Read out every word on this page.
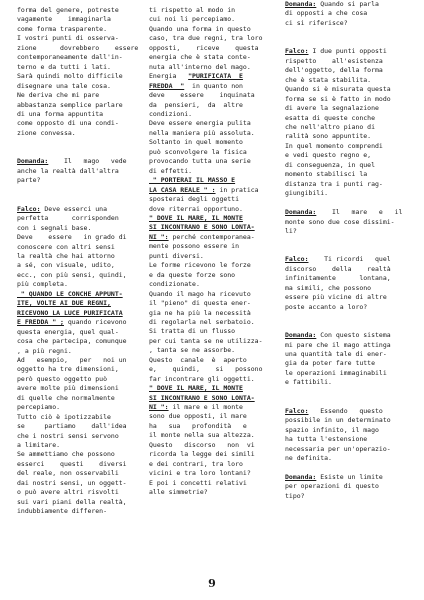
forma del genere, potreste

vagamente    immaginarla

come forma trasparente.

I vostri punti di osserva-

zione      dovrebbero    essere

contemporaneamente dall'in-

terno e da tutti i lati.

Sarà quindi molto difficile

disegnare una tale cosa.

Ne deriva che mi pare

abbastanza semplice parlare

di una forma appuntita

come opposto di una condi-

zione convessa.

Domanda:    Il   mago   vede

anche la realtà dall'altra

parte?

Falco: Deve esserci una

perfetta      corrisponden

con i segnali base.

Deve    essere   in grado di

conoscere con altri sensi

la realtà che hai attorno

a sé, con visuale, udito,

ecc., con più sensi, quindi,

più completa.

" QUANDO LE CONCHE APPUNT-

ITE, VOLTE AI DUE REGNI,

RICEVONO LA LUCE PURIFICATA

E FREDDA " ; quando ricevono

questa energia, quel qual-

cosa che partecipa, comunque

, a più regni.

Ad   esempio,   per   noi un

oggetto ha tre dimensioni,

però questo oggetto può

avere molte più dimensioni

di quelle che normalmente

percepiamo.

Tutto ciò è ipotizzabile

se     partiamo    dall'idea

che i nostri sensi servono

a limitare.

Se ammettiamo che possono

esserci    questi    diversi

del reale, non osservabili

dai nostri sensi, un oggett-

o può avere altri risvolti

sui vari piani della realtà,

indubbiamente differen-

ti rispetto al modo in

cui noi li percepiamo.

Quando una forma in questo

caso, tra due regni, tra loro

opposti,    riceve    questa

energia che è stata conte-

nuta all'interno del mago.

Energia   "PURIFICATA  E

FREDDA  "  in quanto non

deve    essere    inquinata

da  pensieri,  da  altre

condizioni.

Deve essere energia pulita

nella maniera più assoluta.

Soltanto in quel momento

può sconvolgere la fisica

provocando tutta una serie

di effetti.

" PORTERAI IL MASSO E

LA CASA REALE " : in pratica

sposterai degli oggetti

dove riterrai opportuno.

" DOVE IL MARE, IL MONTE

SI INCONTRANO E SONO LONTA-

NI ": perché contemporanea-

mente possono essere in

punti diversi.

Le forme ricevono le forze

e da queste forze sono

condizionate.

Quando il mago ha ricevuto

il "pieno" di questa ener-

gia ne ha più la necessità

di regolarla nel serbatoio.

Si tratta di un flusso

per cui tanta se ne utilizza-

, tanta se ne assorbe.

Questo  canale  è  aperto

e,    quindi,    si   possono

far incontrare gli oggetti.

" DOVE IL MARE, IL MONTE

SI INCONTRANO E SONO LONTA-

NI ": il mare e il monte

sono due opposti, il mare

ha   sua   profondità   e

il monte nella sua altezza.

Questo   discorso   non  vi

ricorda la legge dei simili

e dei contrari, tra loro

vicini e tra loro lontani?

E poi i concetti relativi

alle simmetrie?

Domanda: Quando si parla

di opposti a che cosa

ci si riferisce?

Falco: I due punti opposti

rispetto    all'esistenza

dell'oggetto, della forma

che è stata stabilita.

Quando si è misurata questa

forma se si è fatto in modo

di avere la segnalazione

esatta di queste conche

che nell'altro piano di

ralità sono appuntite.

In quel momento comprendi

e vedi questo regno e,

di conseguenza, in quel

momento stabilisci la

distanza tra i punti rag-

giungibili.

Domanda:    Il   mare   e   il

monte sono due cose dissimi-

li?

Falco:    Ti ricordi   quel

discorso    della    realtà

infinitamente      lontana,

ma simili, che possono

essere più vicine di altre

poste accanto a loro?

Domanda: Con questo sistema

mi pare che il mago attinga

una quantità tale di ener-

gia da poter fare tutte

le operazioni immaginabili

e fattibili.

Falco:   Essendo   questo

possibile in un determinato

spazio infinito, il mago

ha tutta l'estensione

necessaria per un'operazio-

ne definita.

Domanda: Esiste un limite

per operazioni di questo

tipo?

9
